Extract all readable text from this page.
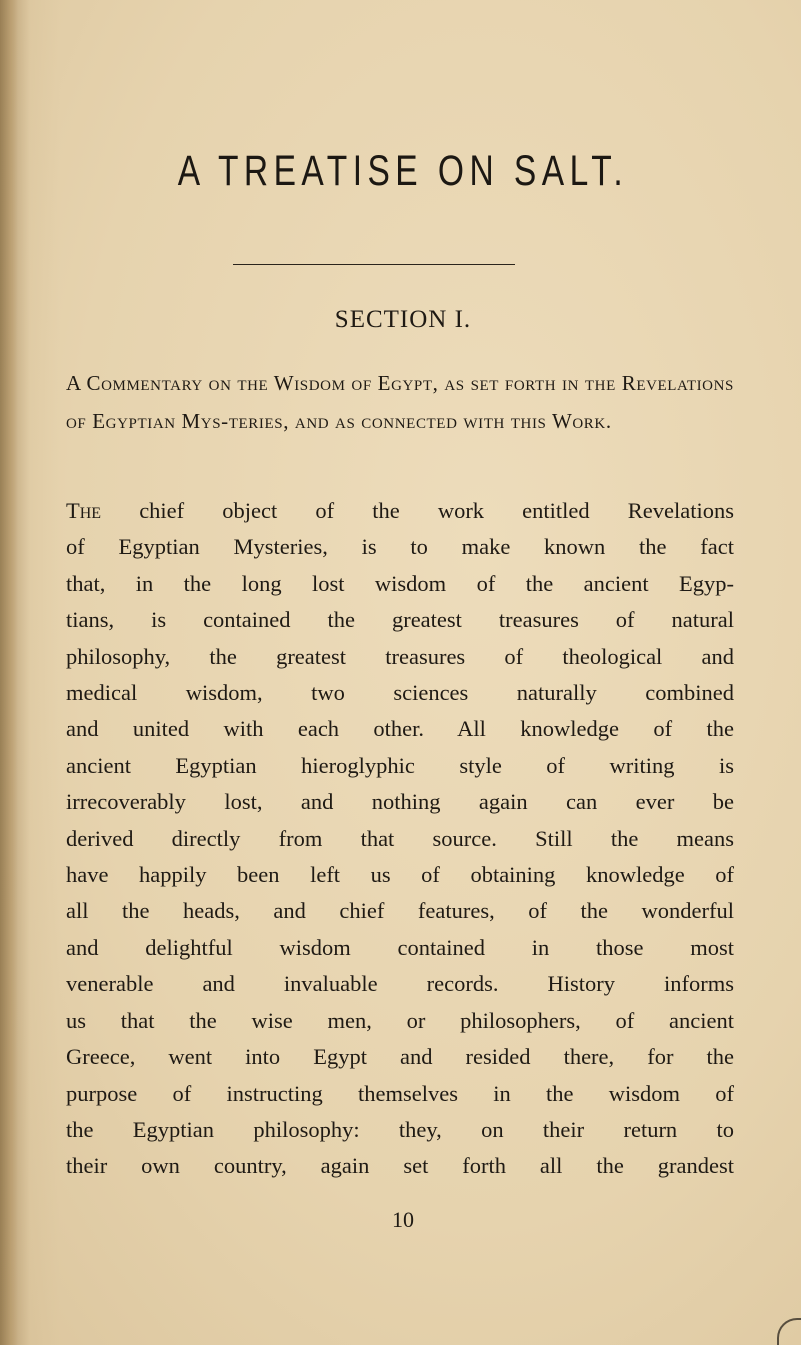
A TREATISE ON SALT.
SECTION I.

A Commentary on the Wisdom of Egypt, as set forth in the Revelations of Egyptian Mys-teries, and as connected with this Work.

The chief object of the work entitled Revelations
of Egyptian Mysteries, is to make known the fact
that, in the long lost wisdom of the ancient Egyp-
tians, is contained the greatest treasures of natural
philosophy, the greatest treasures of theological and
medical wisdom, two sciences naturally combined
and united with each other. All knowledge of the
ancient Egyptian hieroglyphic style of writing is
irrecoverably lost, and nothing again can ever be
derived directly from that source. Still the means
have happily been left us of obtaining knowledge of
all the heads, and chief features, of the wonderful
and delightful wisdom contained in those most
venerable and invaluable records. History informs
us that the wise men, or philosophers, of ancient
Greece, went into Egypt and resided there, for the
purpose of instructing themselves in the wisdom of
the Egyptian philosophy: they, on their return to
their own country, again set forth all the grandest

10
